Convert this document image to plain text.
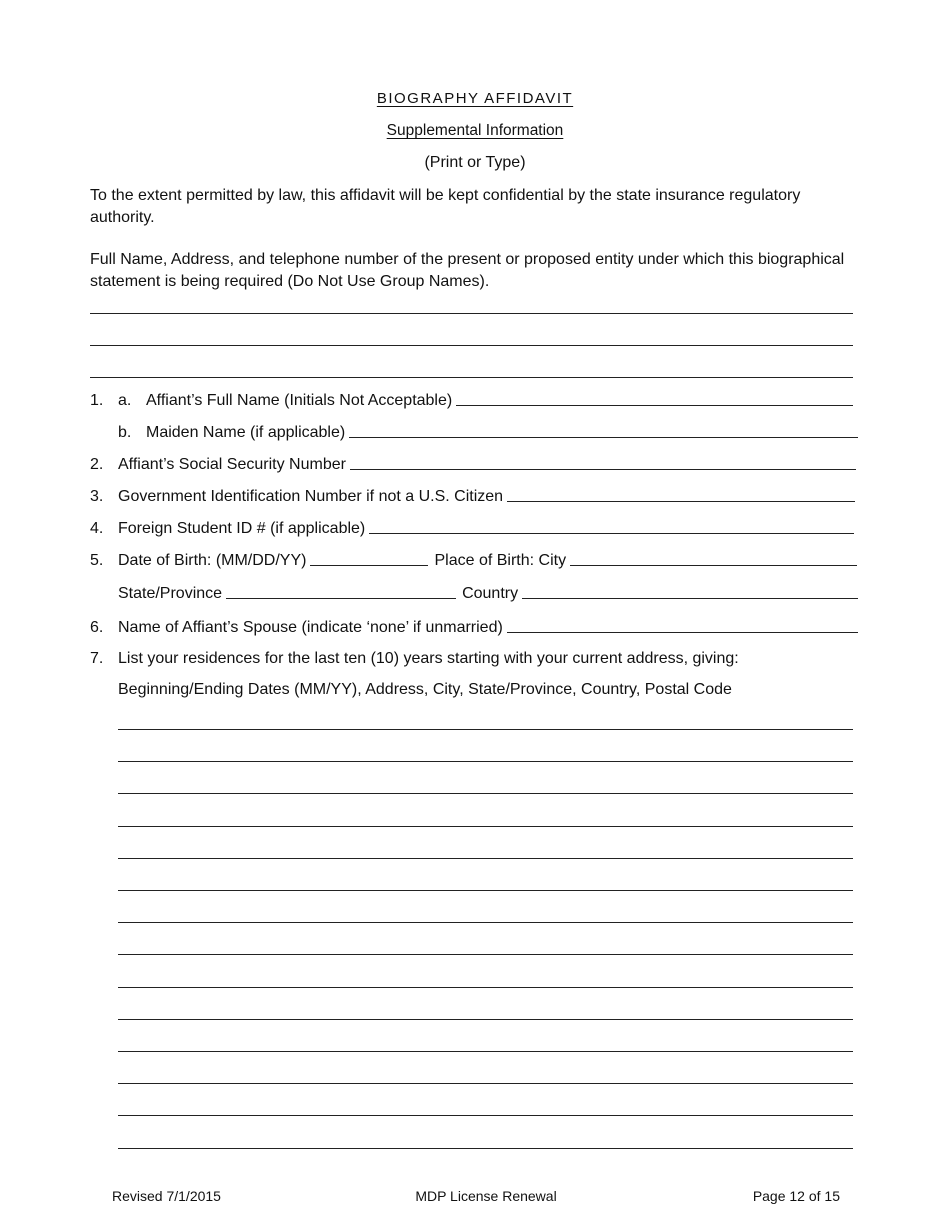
BIOGRAPHY AFFIDAVIT
Supplemental Information
(Print or Type)
To the extent permitted by law, this affidavit will be kept confidential by the state insurance regulatory authority.
Full Name, Address, and telephone number of the present or proposed entity under which this biographical statement is being required (Do Not Use Group Names).
1. a. Affiant’s Full Name (Initials Not Acceptable)
b. Maiden Name (if applicable)
2. Affiant’s Social Security Number
3. Government Identification Number if not a U.S. Citizen
4. Foreign Student ID # (if applicable)
5. Date of Birth: (MM/DD/YY)	Place of Birth: City
State/Province	Country
6. Name of Affiant’s Spouse (indicate ‘none’ if unmarried)
7. List your residences for the last ten (10) years starting with your current address, giving:
Beginning/Ending Dates (MM/YY), Address, City, State/Province, Country, Postal Code
Revised 7/1/2015	MDP License Renewal	Page 12 of 15
